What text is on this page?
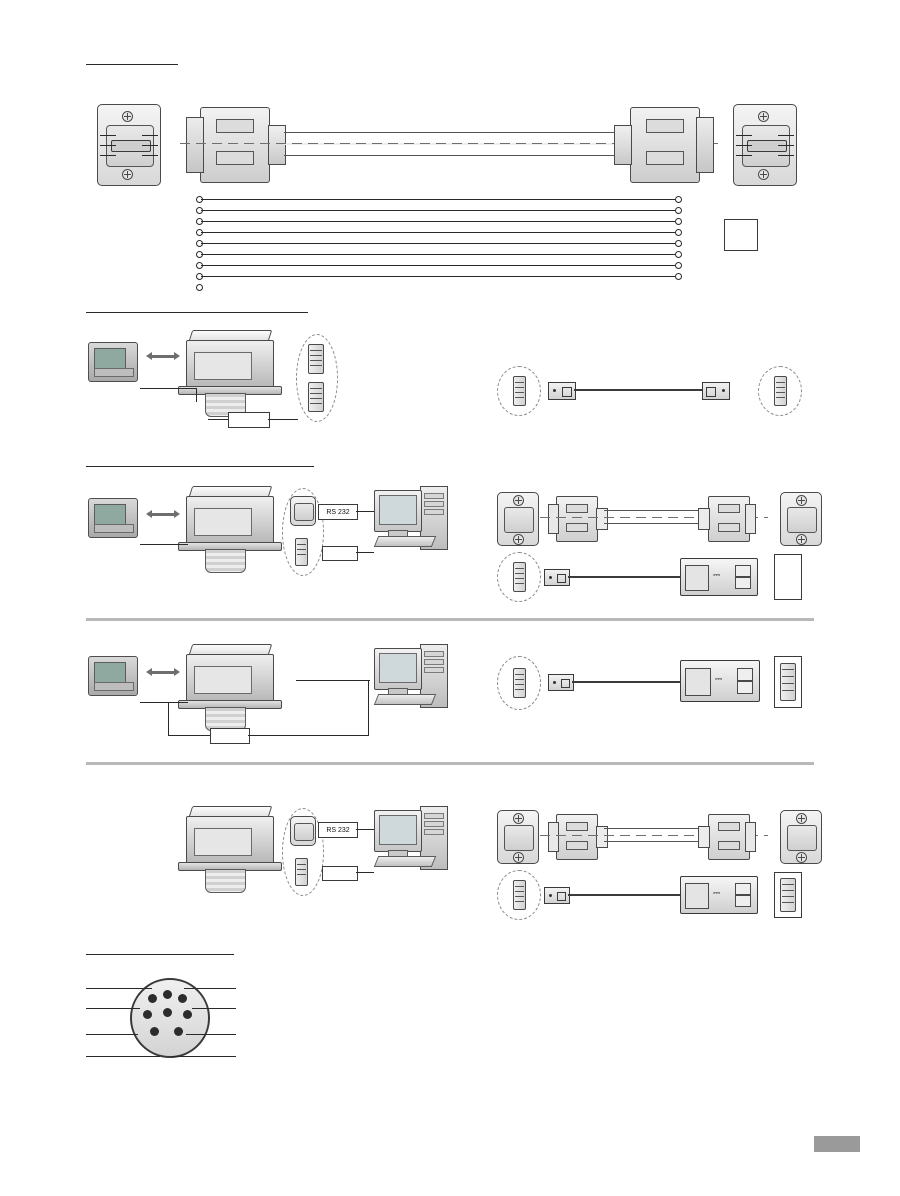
RS 232
⎓
⎓
RS 232
⎓
